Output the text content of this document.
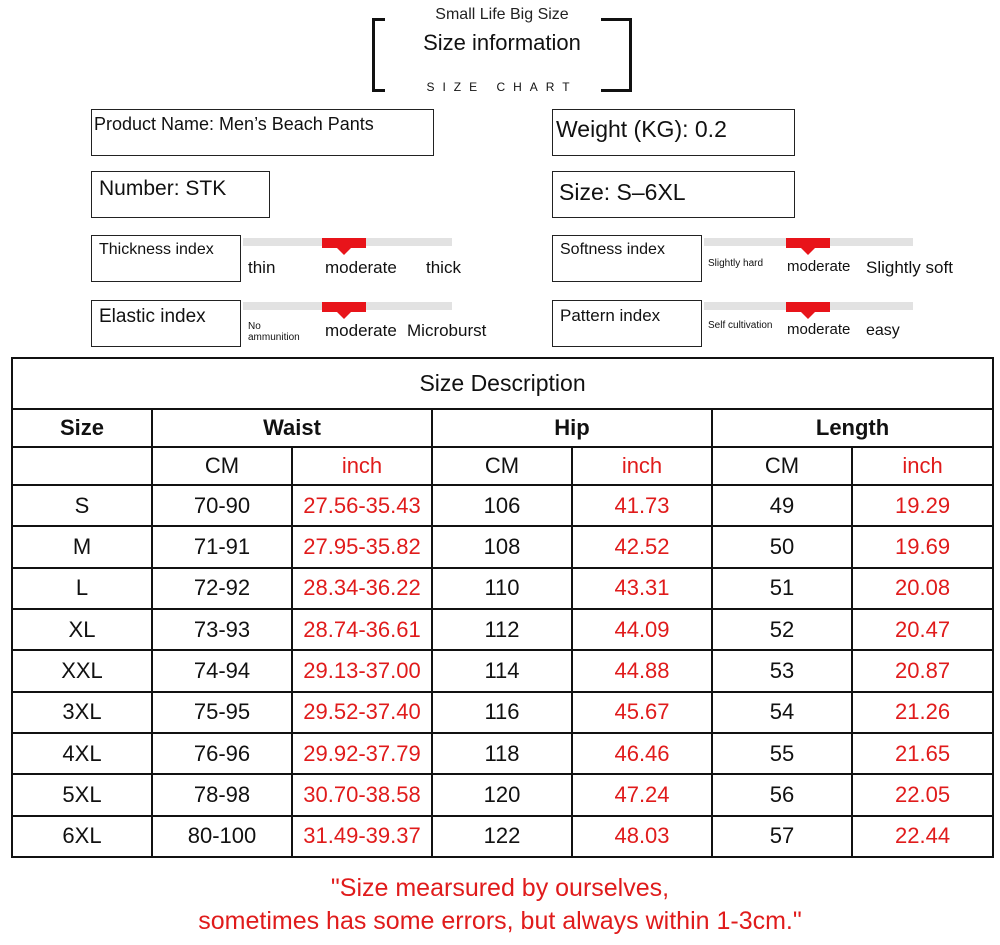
Small Life Big Size
Size information
SIZE CHART
Product Name: Men’s Beach Pants	Weight (KG): 0.2
Number: STK	Size: S–6XL
Thickness index
thin	moderate thick
Softness index
Slightly hard moderate Slightly soft
Elastic index	No ammunition	moderate Microburst
Pattern index
Self cultivation moderate easy
Size Description						
Size	Waist		Hip		Length	
	CM	inch	CM	inch	CM	inch
S	70-90	27.56-35.43	106	41.73	49	19.29
M	71-91	27.95-35.82	108	42.52	50	19.69
L	72-92	28.34-36.22	110	43.31	51	20.08
XL	73-93	28.74-36.61	112	44.09	52	20.47
XXL	74-94	29.13-37.00	114	44.88	53	20.87
3XL	75-95	29.52-37.40	116	45.67	54	21.26
4XL	76-96	29.92-37.79	118	46.46	55	21.65
5XL	78-98	30.70-38.58	120	47.24	56	22.05
6XL	80-100	31.49-39.37	122	48.03	57	22.44
"Size mearsured by ourselves,
sometimes has some errors, but always within 1-3cm."
